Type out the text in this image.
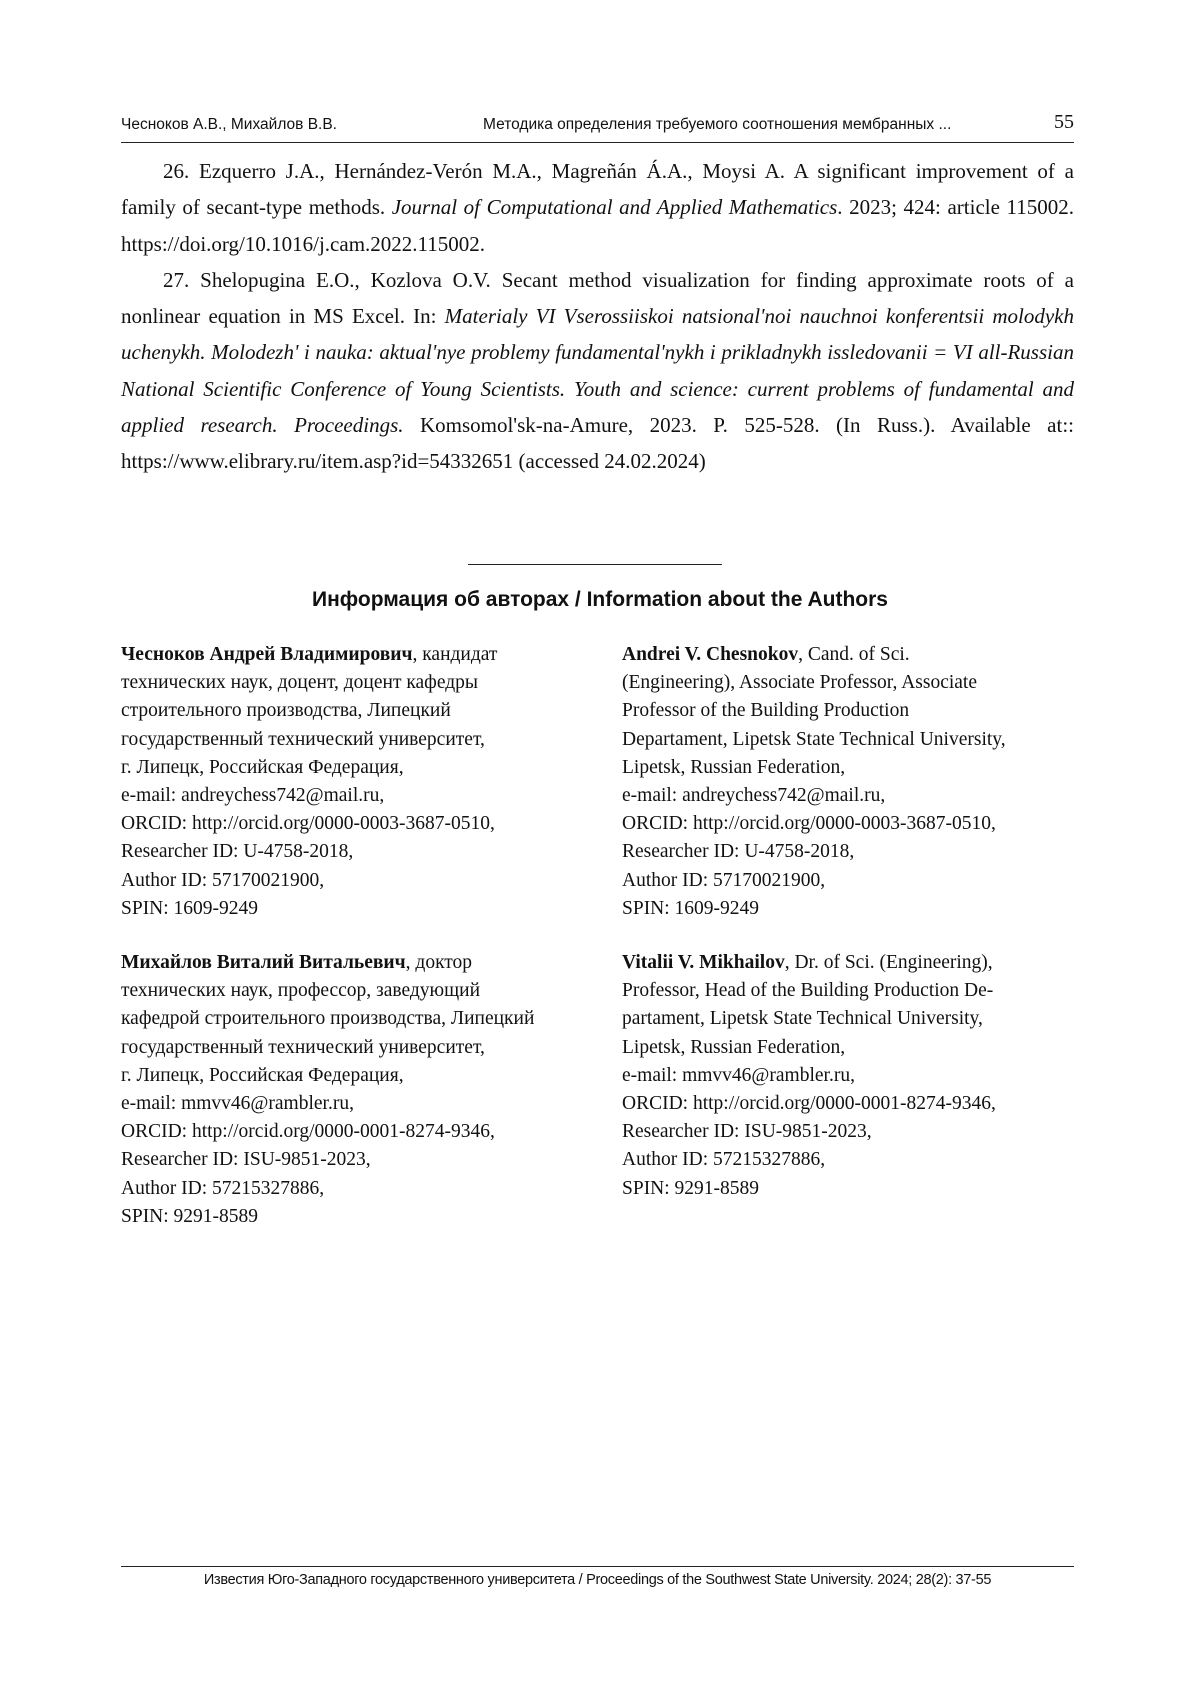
Чесноков А.В., Михайлов В.В.	Методика определения требуемого соотношения мембранных ...	55

26. Ezquerro J.A., Hernández-Verón M.A., Magreñán Á.A., Moysi A. A significant improvement of a family of secant-type methods. Journal of Computational and Applied Mathematics. 2023; 424: article 115002. https://doi.org/10.1016/j.cam.2022.115002.

27. Shelopugina E.O., Kozlova O.V. Secant method visualization for finding approximate roots of a nonlinear equation in MS Excel. In: Materialy VI Vserossiiskoi natsional'noi nauchnoi konferentsii molodykh uchenykh. Molodezh' i nauka: aktual'nye problemy fundamental'nykh i prikladnykh issledovanii = VI all-Russian National Scientific Conference of Young Scientists. Youth and science: current problems of fundamental and applied research. Proceedings. Komsomol'sk-na-Amure, 2023. P. 525-528. (In Russ.). Available at:: https://www.elibrary.ru/item.asp?id=54332651 (accessed 24.02.2024)

Информация об авторах / Information about the Authors

Чесноков Андрей Владимирович, кандидат

технических наук, доцент, доцент кафедры

строительного производства, Липецкий

государственный технический университет,

г. Липецк, Российская Федерация,

e-mail: andreychess742@mail.ru,

ORCID: http://orcid.org/0000-0003-3687-0510,

Researcher ID: U-4758-2018,

Author ID: 57170021900,

SPIN: 1609-9249

Andrei V. Chesnokov, Cand. of Sci.

(Engineering), Associate Professor, Associate

Professor of the Building Production

Departament, Lipetsk State Technical University,

Lipetsk, Russian Federation,

e-mail: andreychess742@mail.ru,

ORCID: http://orcid.org/0000-0003-3687-0510,

Researcher ID: U-4758-2018,

Author ID: 57170021900,

SPIN: 1609-9249

Михайлов Виталий Витальевич, доктор

технических наук, профессор, заведующий

кафедрой строительного производства, Липецкий

государственный технический университет,

г. Липецк, Российская Федерация,

e-mail: mmvv46@rambler.ru,

ORCID: http://orcid.org/0000-0001-8274-9346,

Researcher ID: ISU-9851-2023,

Author ID: 57215327886,

SPIN: 9291-8589

Vitalii V. Mikhailov, Dr. of Sci. (Engineering),

Professor, Head of the Building Production De-

partament, Lipetsk State Technical University,

Lipetsk, Russian Federation,

e-mail: mmvv46@rambler.ru,

ORCID: http://orcid.org/0000-0001-8274-9346,

Researcher ID: ISU-9851-2023,

Author ID: 57215327886,

SPIN: 9291-8589

Известия Юго-Западного государственного университета / Proceedings of the Southwest State University. 2024; 28(2): 37-55
